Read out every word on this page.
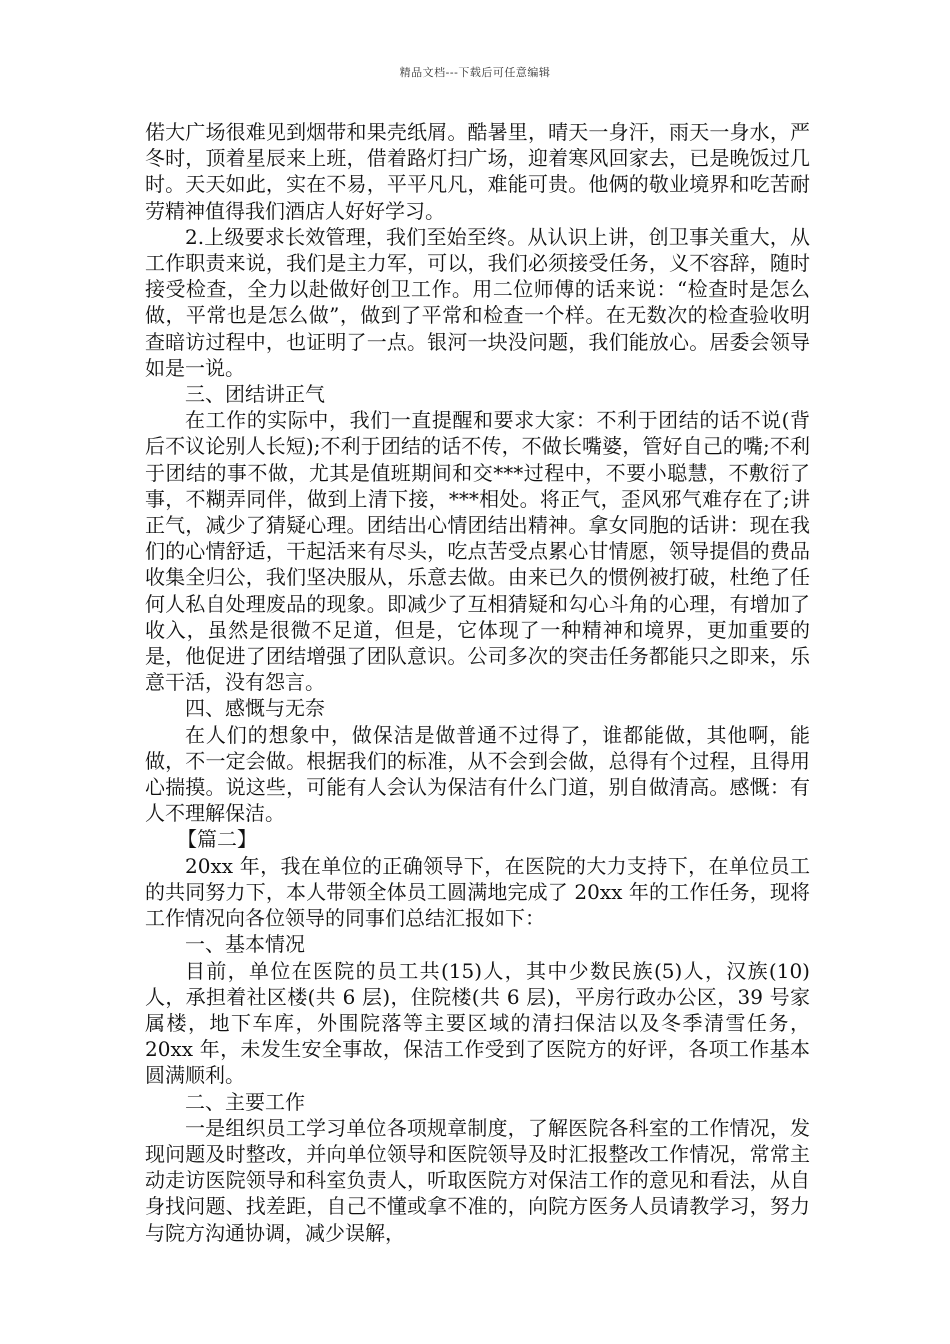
精品文档---下载后可任意编辑

偌大广场很难见到烟带和果壳纸屑。酷暑里，晴天一身汗，雨天一身水，严冬时，顶着星辰来上班，借着路灯扫广场，迎着寒风回家去，已是晚饭过几时。天天如此，实在不易，平平凡凡，难能可贵。他俩的敬业境界和吃苦耐劳精神值得我们酒店人好好学习。

2.上级要求长效管理，我们至始至终。从认识上讲，创卫事关重大，从工作职责来说，我们是主力军，可以，我们必须接受任务，义不容辞，随时接受检查，全力以赴做好创卫工作。用二位师傅的话来说：“检查时是怎么做，平常也是怎么做”，做到了平常和检查一个样。在无数次的检查验收明查暗访过程中，也证明了一点。银河一块没问题，我们能放心。居委会领导如是一说。

三、团结讲正气

在工作的实际中，我们一直提醒和要求大家：不利于团结的话不说(背后不议论别人长短);不利于团结的话不传，不做长嘴婆，管好自己的嘴;不利于团结的事不做，尤其是值班期间和交***过程中，不要小聪慧，不敷衍了事，不糊弄同伴，做到上清下接，***相处。将正气，歪风邪气难存在了;讲正气，减少了猜疑心理。团结出心情团结出精神。拿女同胞的话讲：现在我们的心情舒适，干起活来有尽头，吃点苦受点累心甘情愿，领导提倡的费品收集全归公，我们坚决服从，乐意去做。由来已久的惯例被打破，杜绝了任何人私自处理废品的现象。即减少了互相猜疑和勾心斗角的心理，有增加了收入，虽然是很微不足道，但是，它体现了一种精神和境界，更加重要的是，他促进了团结增强了团队意识。公司多次的突击任务都能只之即来，乐意干活，没有怨言。

四、感慨与无奈

在人们的想象中，做保洁是做普通不过得了，谁都能做，其他啊，能做，不一定会做。根据我们的标准，从不会到会做，总得有个过程，且得用心揣摸。说这些，可能有人会认为保洁有什么门道，别自做清高。感慨：有人不理解保洁。

【篇二】

20xx 年，我在单位的正确领导下，在医院的大力支持下，在单位员工的共同努力下，本人带领全体员工圆满地完成了 20xx 年的工作任务，现将工作情况向各位领导的同事们总结汇报如下：

一、基本情况

目前，单位在医院的员工共(15)人，其中少数民族(5)人，汉族(10)人，承担着社区楼(共 6 层)，住院楼(共 6 层)，平房行政办公区，39 号家属楼，地下车库，外围院落等主要区域的清扫保洁以及冬季清雪任务，20xx 年，未发生安全事故，保洁工作受到了医院方的好评，各项工作基本圆满顺利。

二、主要工作

一是组织员工学习单位各项规章制度，了解医院各科室的工作情况，发现问题及时整改，并向单位领导和医院领导及时汇报整改工作情况，常常主动走访医院领导和科室负责人，听取医院方对保洁工作的意见和看法，从自身找问题、找差距，自己不懂或拿不准的，向院方医务人员请教学习，努力与院方沟通协调，减少误解，
